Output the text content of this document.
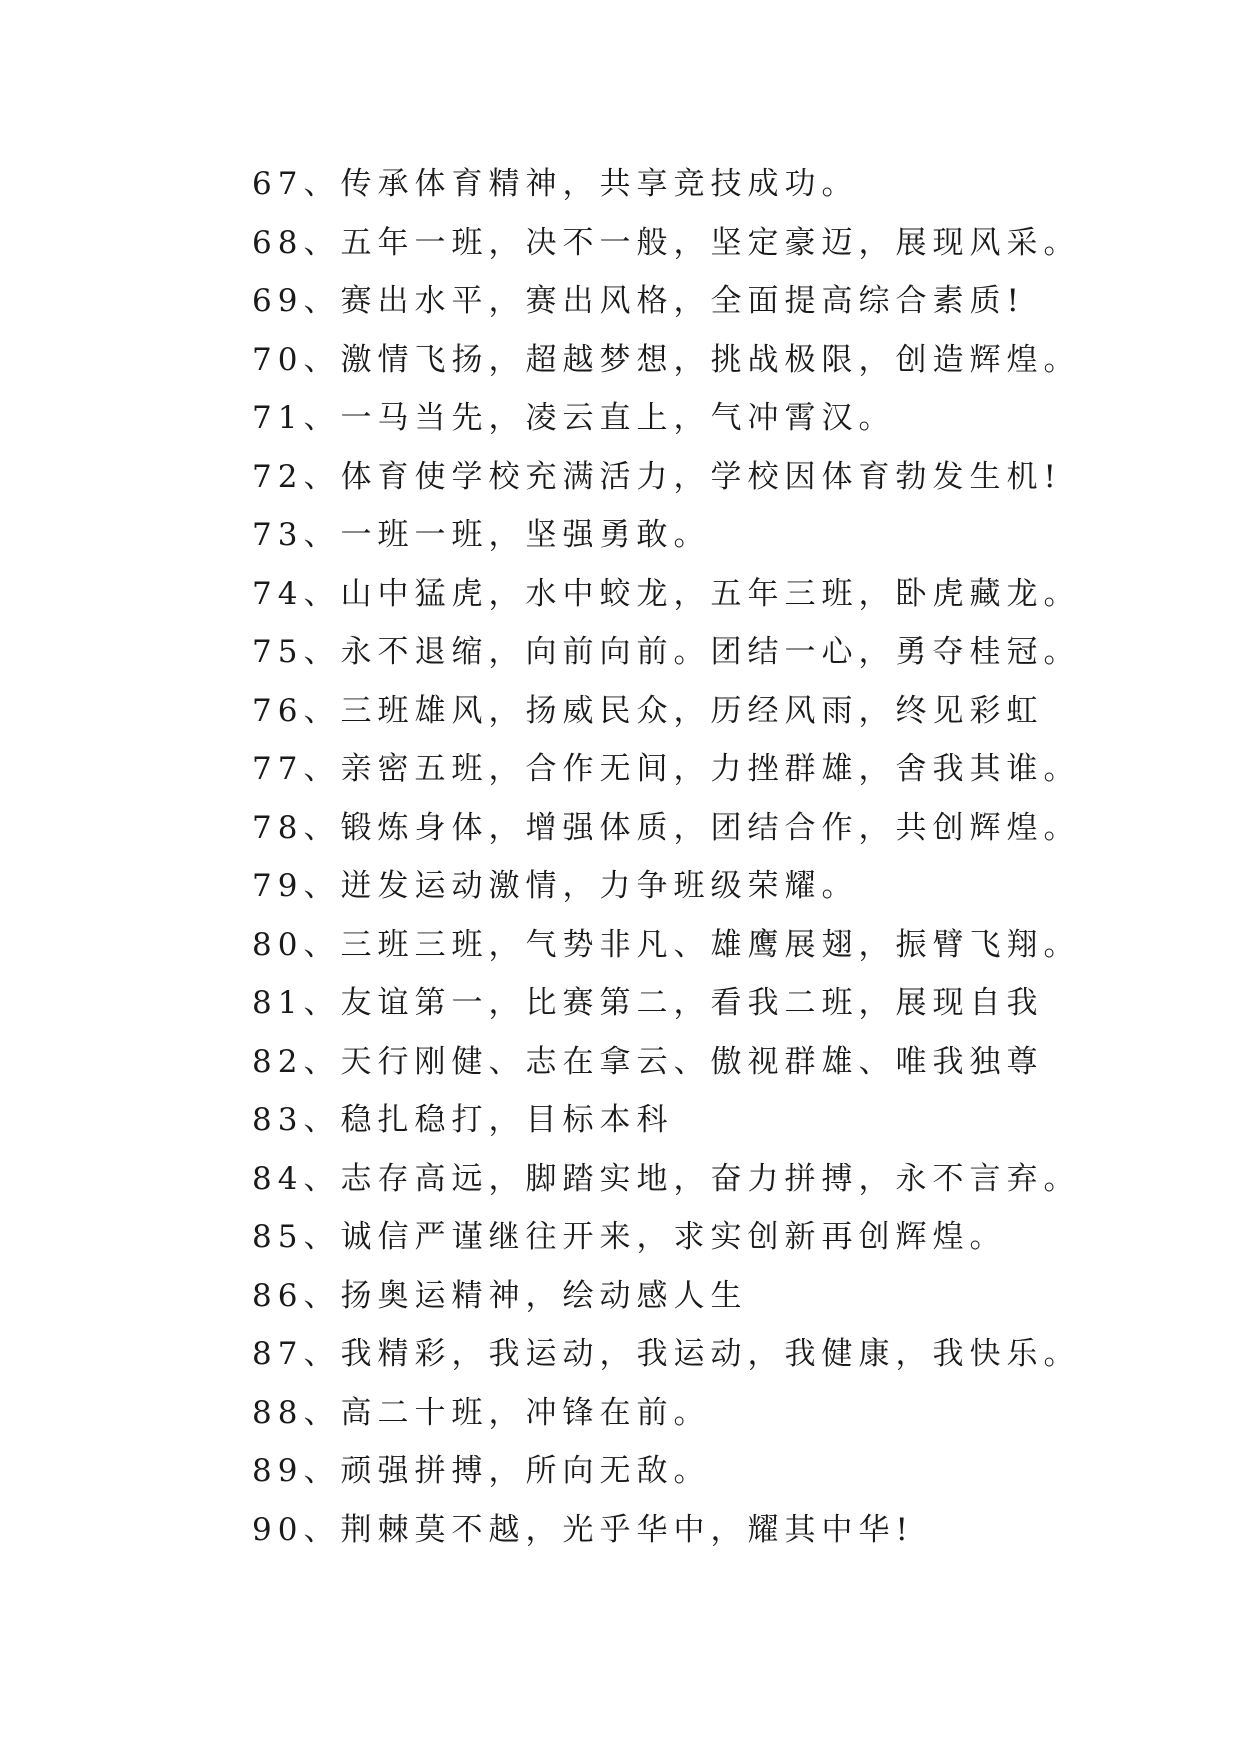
67、传承体育精神，共享竞技成功。
68、五年一班，决不一般，坚定豪迈，展现风采。
69、赛出水平，赛出风格，全面提高综合素质!
70、激情飞扬，超越梦想，挑战极限，创造辉煌。
71、一马当先，凌云直上，气冲霄汉。
72、体育使学校充满活力，学校因体育勃发生机!
73、一班一班，坚强勇敢。
74、山中猛虎，水中蛟龙，五年三班，卧虎藏龙。
75、永不退缩，向前向前。团结一心，勇夺桂冠。
76、三班雄风，扬威民众，历经风雨，终见彩虹
77、亲密五班，合作无间，力挫群雄，舍我其谁。
78、锻炼身体，增强体质，团结合作，共创辉煌。
79、迸发运动激情，力争班级荣耀。
80、三班三班，气势非凡、雄鹰展翅，振臂飞翔。
81、友谊第一，比赛第二，看我二班，展现自我
82、天行刚健、志在拿云、傲视群雄、唯我独尊
83、稳扎稳打，目标本科
84、志存高远，脚踏实地，奋力拼搏，永不言弃。
85、诚信严谨继往开来，求实创新再创辉煌。
86、扬奥运精神，绘动感人生
87、我精彩，我运动，我运动，我健康，我快乐。
88、高二十班，冲锋在前。
89、顽强拼搏，所向无敌。
90、荆棘莫不越，光乎华中，耀其中华!
